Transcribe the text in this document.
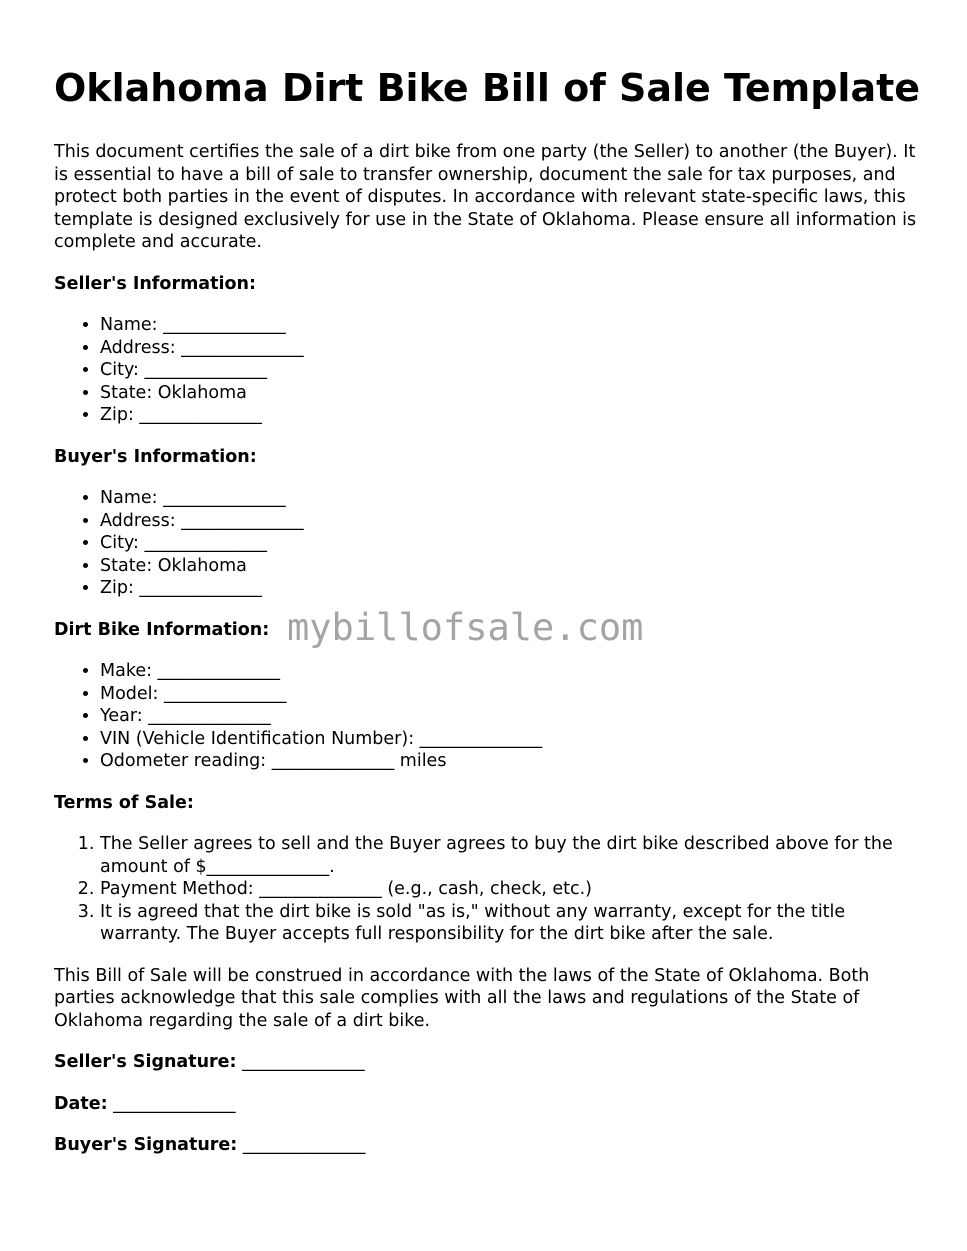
Oklahoma Dirt Bike Bill of Sale Template

This document certifies the sale of a dirt bike from one party (the Seller) to another (the Buyer). It is essential to have a bill of sale to transfer ownership, document the sale for tax purposes, and protect both parties in the event of disputes. In accordance with relevant state-specific laws, this template is designed exclusively for use in the State of Oklahoma. Please ensure all information is complete and accurate.

Seller's Information:
• Name: ______________
• Address: ______________
• City: ______________
• State: Oklahoma
• Zip: ______________
Buyer's Information:
• Name: ______________
• Address: ______________
• City: ______________
• State: Oklahoma
• Zip: ______________
Dirt Bike Information:
• Make: ______________
• Model: ______________
• Year: ______________
• VIN (Vehicle Identification Number): ______________
• Odometer reading: ______________ miles
Terms of Sale:
1. The Seller agrees to sell and the Buyer agrees to buy the dirt bike described above for the amount of $______________.
2. Payment Method: ______________ (e.g., cash, check, etc.)
3. It is agreed that the dirt bike is sold "as is," without any warranty, except for the title warranty. The Buyer accepts full responsibility for the dirt bike after the sale.

This Bill of Sale will be construed in accordance with the laws of the State of Oklahoma. Both parties acknowledge that this sale complies with all the laws and regulations of the State of Oklahoma regarding the sale of a dirt bike.

Seller's Signature: ______________

Date: ______________

Buyer's Signature: ______________

mybillofsale.com
